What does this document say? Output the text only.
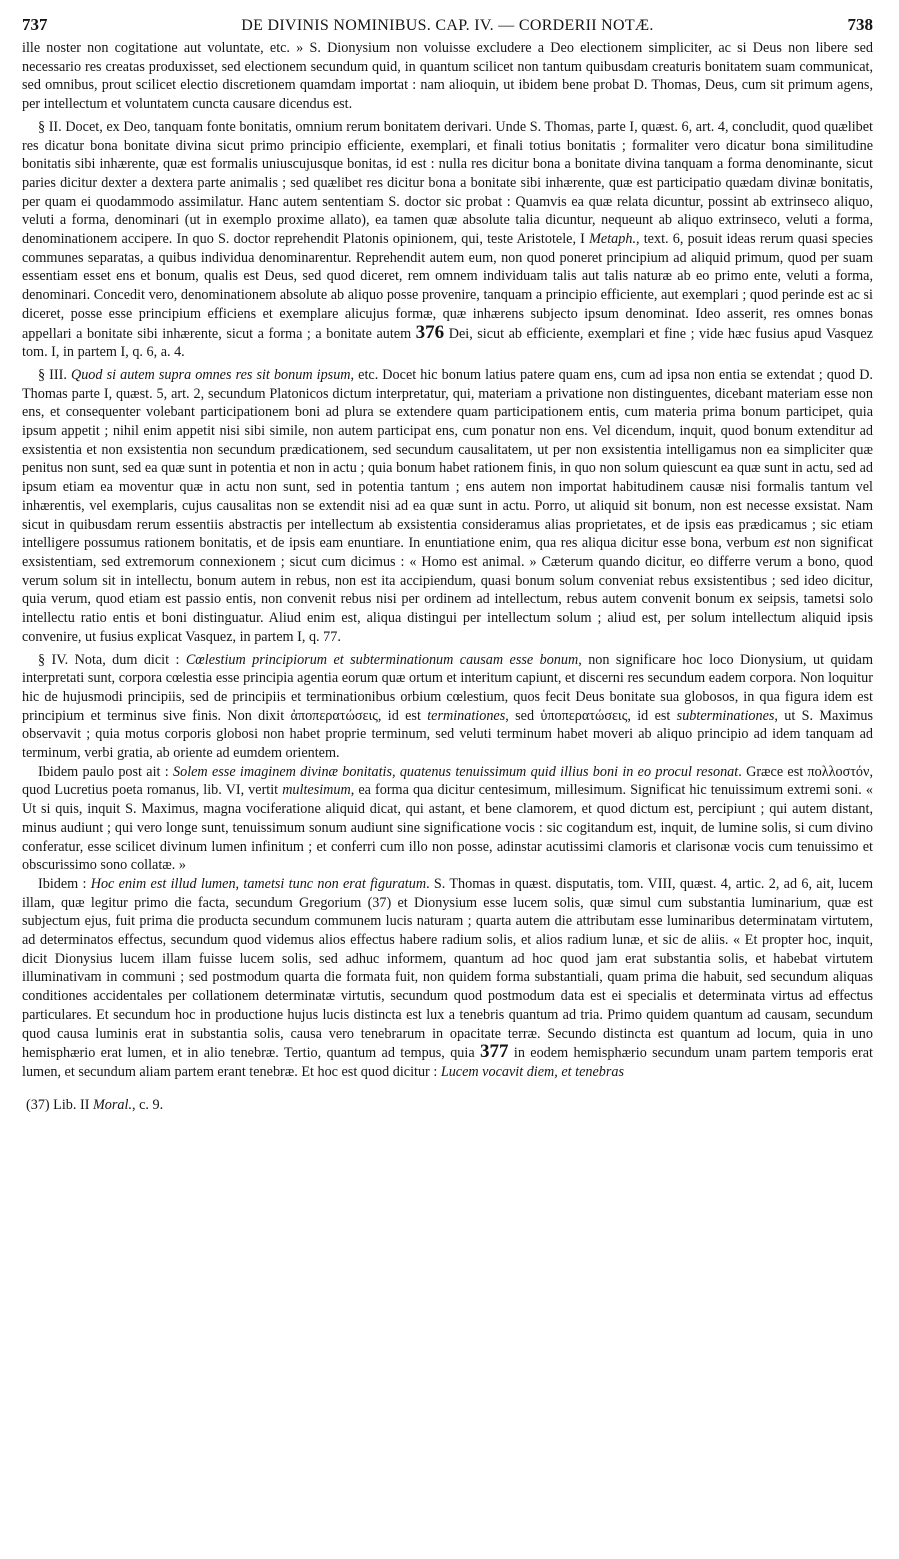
737	DE DIVINIS NOMINIBUS. CAP. IV. — CORDERII NOTÆ.	738

ille noster non cogitatione aut voluntate, etc. » S. Dionysium non voluisse excludere a Deo electionem simpliciter, ac si Deus non libere sed necessario res creatas produxisset, sed electionem secundum quid, in quantum scilicet non tantum quibusdam creaturis bonitatem suam communicat, sed omnibus, prout scilicet electio discretionem quamdam importat : nam alioquin, ut ibidem bene probat D. Thomas, Deus, cum sit primum agens, per intellectum et voluntatem cuncta causare dicendus est.

§ II. Docet, ex Deo, tanquam fonte bonitatis, omnium rerum bonitatem derivari. Unde S. Thomas, parte I, quæst. 6, art. 4, concludit, quod quælibet res dicatur bona bonitate divina sicut primo principio efficiente, exemplari, et finali totius bonitatis ; formaliter vero dicatur bona similitudine bonitatis sibi inhærente, quæ est formalis uniuscujusque bonitas, id est : nulla res dicitur bona a bonitate divina tanquam a forma denominante, sicut paries dicitur dexter a dextera parte animalis ; sed quælibet res dicitur bona a bonitate sibi inhærente, quæ est participatio quædam divinæ bonitatis, per quam ei quodammodo assimilatur. Hanc autem sententiam S. doctor sic probat : Quamvis ea quæ relata dicuntur, possint ab extrinseco aliquo, veluti a forma, denominari (ut in exemplo proxime allato), ea tamen quæ absolute talia dicuntur, nequeunt ab aliquo extrinseco, veluti a forma, denominationem accipere. In quo S. doctor reprehendit Platonis opinionem, qui, teste Aristotele, I Metaph., text. 6, posuit ideas rerum quasi species communes separatas, a quibus individua denominarentur. Reprehendit autem eum, non quod poneret principium ad aliquid primum, quod per suam essentiam esset ens et bonum, qualis est Deus, sed quod diceret, rem omnem individuam talis aut talis naturæ ab eo primo ente, veluti a forma, denominari. Concedit vero, denominationem absolute ab aliquo posse provenire, tanquam a principio efficiente, aut exemplari ; quod perinde est ac si diceret, posse esse principium efficiens et exemplare alicujus formæ, quæ inhærens subjecto ipsum denominat. Ideo asserit, res omnes bonas appellari a bonitate sibi inhærente, sicut a forma ; a bonitate autem 376 Dei, sicut ab efficiente, exemplari et fine ; vide hæc fusius apud Vasquez tom. I, in partem I, q. 6, a. 4.

§ III. Quod si autem supra omnes res sit bonum ipsum, etc. Docet hic bonum latius patere quam ens, cum ad ipsa non entia se extendat ; quod D. Thomas parte I, quæst. 5, art. 2, secundum Platonicos dictum interpretatur, qui, materiam a privatione non distinguentes, dicebant materiam esse non ens, et consequenter volebant participationem boni ad plura se extendere quam participationem entis, cum materia prima bonum participet, quia ipsum appetit ; nihil enim appetit nisi sibi simile, non autem participat ens, cum ponatur non ens. Vel dicendum, inquit, quod bonum extenditur ad exsistentia et non exsistentia non secundum prædicationem, sed secundum causalitatem, ut per non exsistentia intelligamus non ea simpliciter quæ penitus non sunt, sed ea quæ sunt in potentia et non in actu ; quia bonum habet rationem finis, in quo non solum quiescunt ea quæ sunt in actu, sed ad ipsum etiam ea moventur quæ in actu non sunt, sed in potentia tantum ; ens autem non importat habitudinem causæ nisi formalis tantum vel inhærentis, vel exemplaris, cujus causalitas non se extendit nisi ad ea quæ sunt in actu. Porro, ut aliquid sit bonum, non est necesse exsistat. Nam sicut in quibusdam rerum essentiis abstractis per intellectum ab exsistentia consideramus alias proprietates, et de ipsis eas prædicamus ; sic etiam intelligere possumus rationem bonitatis, et de ipsis eam enuntiare. In enuntiatione enim, qua res aliqua dicitur esse bona, verbum est non significat exsistentiam, sed extremorum connexionem ; sicut cum dicimus : « Homo est animal. » Cæterum quando dicitur, eo differre verum a bono, quod verum solum sit in intellectu, bonum autem in rebus, non est ita accipiendum, quasi bonum solum conveniat rebus exsistentibus ; sed ideo dicitur, quia verum, quod etiam est passio entis, non convenit rebus nisi per ordinem ad intellectum, rebus autem convenit bonum ex seipsis, tametsi solo intellectu ratio entis et boni distinguatur. Aliud enim est, aliqua distingui per intellectum solum ; aliud est, per solum intellectum aliquid ipsis convenire, ut fusius explicat Vasquez, in partem I, q. 77.

§ IV. Nota, dum dicit : Cœlestium principiorum et subterminationum causam esse bonum, non significare hoc loco Dionysium, ut quidam interpretati sunt, corpora cœlestia esse principia agentia eorum quæ ortum et interitum capiunt, et discerni res secundum eadem corpora. Non loquitur hic de hujusmodi principiis, sed de principiis et terminationibus orbium cœlestium, quos fecit Deus bonitate sua globosos, in qua figura idem est principium et terminus sive finis. Non dixit ἀποπερατώσεις, id est terminationes, sed ὑποπερατώσεις, id est subterminationes, ut S. Maximus observavit ; quia motus corporis globosi non habet proprie terminum, sed veluti terminum habet moveri ab aliquo principio ad idem tanquam ad terminum, verbi gratia, ab oriente ad eumdem orientem.

Ibidem paulo post ait : Solem esse imaginem divinæ bonitatis, quatenus tenuissimum quid illius boni in eo procul resonat. Græce est πολλοστόν, quod Lucretius poeta romanus, lib. VI, vertit multesimum, ea forma qua dicitur centesimum, millesimum. Significat hic tenuissimum extremi soni. « Ut si quis, inquit S. Maximus, magna vociferatione aliquid dicat, qui astant, et bene clamorem, et quod dictum est, percipiunt ; qui autem distant, minus audiunt ; qui vero longe sunt, tenuissimum sonum audiunt sine significatione vocis : sic cogitandum est, inquit, de lumine solis, si cum divino conferatur, esse scilicet divinum lumen infinitum ; et conferri cum illo non posse, adinstar acutissimi clamoris et clarisonæ vocis cum tenuissimo et obscurissimo sono collatæ. »

Ibidem : Hoc enim est illud lumen, tametsi tunc non erat figuratum. S. Thomas in quæst. disputatis, tom. VIII, quæst. 4, artic. 2, ad 6, ait, lucem illam, quæ legitur primo die facta, secundum Gregorium (37) et Dionysium esse lucem solis, quæ simul cum substantia luminarium, quæ est subjectum ejus, fuit prima die producta secundum communem lucis naturam ; quarta autem die attributam esse luminaribus determinatam virtutem, ad determinatos effectus, secundum quod videmus alios effectus habere radium solis, et alios radium lunæ, et sic de aliis. « Et propter hoc, inquit, dicit Dionysius lucem illam fuisse lucem solis, sed adhuc informem, quantum ad hoc quod jam erat substantia solis, et habebat virtutem illuminativam in communi ; sed postmodum quarta die formata fuit, non quidem forma substantiali, quam prima die habuit, sed secundum aliquas conditiones accidentales per collationem determinatæ virtutis, secundum quod postmodum data est ei specialis et determinata virtus ad effectus particulares. Et secundum hoc in productione hujus lucis distincta est lux a tenebris quantum ad tria. Primo quidem quantum ad causam, secundum quod causa luminis erat in substantia solis, causa vero tenebrarum in opacitate terræ. Secundo distincta est quantum ad locum, quia in uno hemisphærio erat lumen, et in alio tenebræ. Tertio, quantum ad tempus, quia 377 in eodem hemisphærio secundum unam partem temporis erat lumen, et secundum aliam partem erant tenebræ. Et hoc est quod dicitur : Lucem vocavit diem, et tenebras

(37) Lib. II Moral., c. 9.
